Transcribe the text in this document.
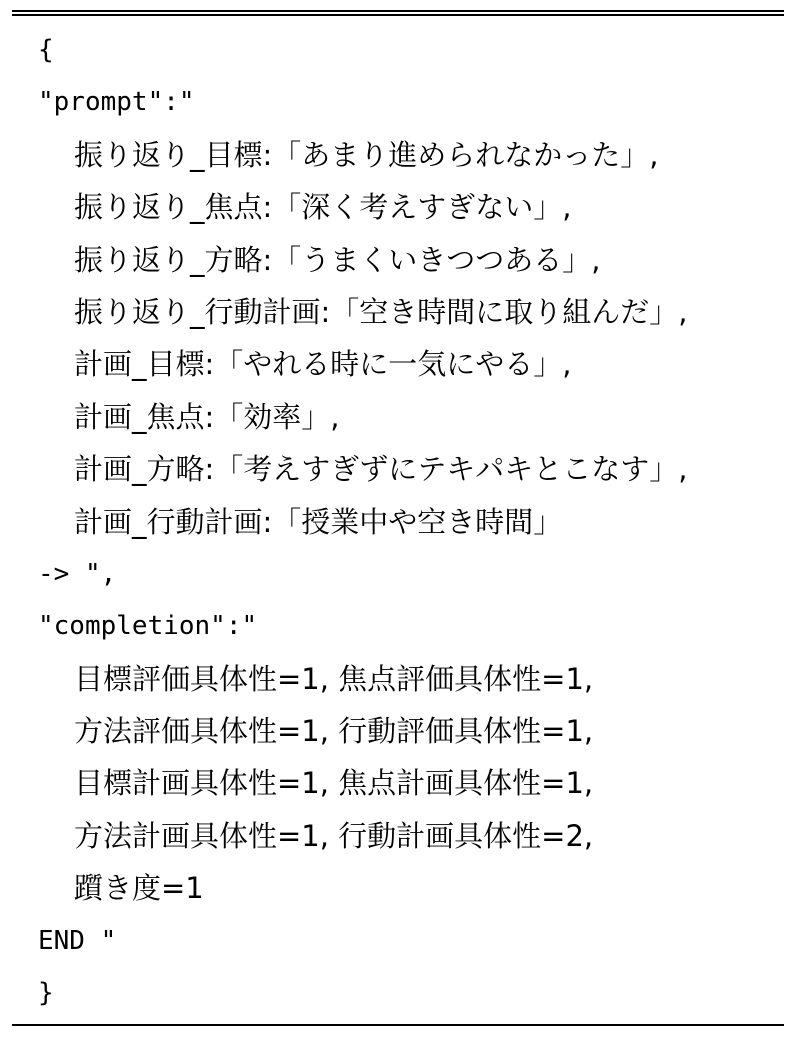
{
"prompt":"
振り返り_目標:「あまり進められなかった」,
振り返り_焦点:「深く考えすぎない」,
振り返り_方略:「うまくいきつつある」,
振り返り_行動計画:「空き時間に取り組んだ」,
計画_目標:「やれる時に一気にやる」,
計画_焦点:「効率」,
計画_方略:「考えすぎずにテキパキとこなす」,
計画_行動計画:「授業中や空き時間」
-> ",
"completion":"
目標評価具体性=1, 焦点評価具体性=1,
方法評価具体性=1, 行動評価具体性=1,
目標計画具体性=1, 焦点計画具体性=1,
方法計画具体性=1, 行動計画具体性=2,
躓き度=1
END "
}
